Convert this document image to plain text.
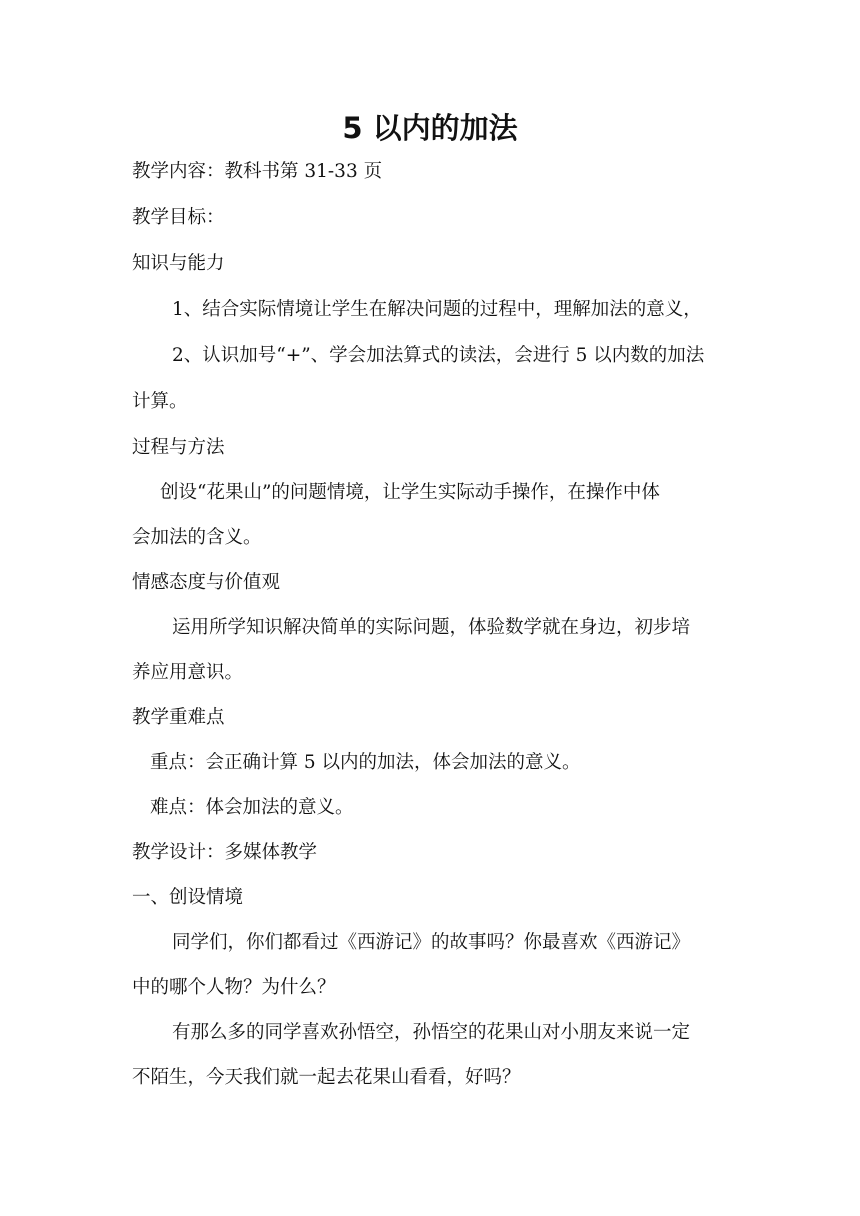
5 以内的加法
教学内容：教科书第 31-33 页
教学目标：
知识与能力
1、结合实际情境让学生在解决问题的过程中，理解加法的意义，
2、认识加号“+”、学会加法算式的读法，会进行 5 以内数的加法
计算。
过程与方法
创设“花果山”的问题情境，让学生实际动手操作，在操作中体
会加法的含义。
情感态度与价值观
运用所学知识解决简单的实际问题，体验数学就在身边，初步培
养应用意识。
教学重难点
重点：会正确计算 5 以内的加法，体会加法的意义。
难点：体会加法的意义。
教学设计：多媒体教学
一、创设情境
同学们，你们都看过《西游记》的故事吗？你最喜欢《西游记》
中的哪个人物？为什么？
有那么多的同学喜欢孙悟空，孙悟空的花果山对小朋友来说一定
不陌生，今天我们就一起去花果山看看，好吗？
